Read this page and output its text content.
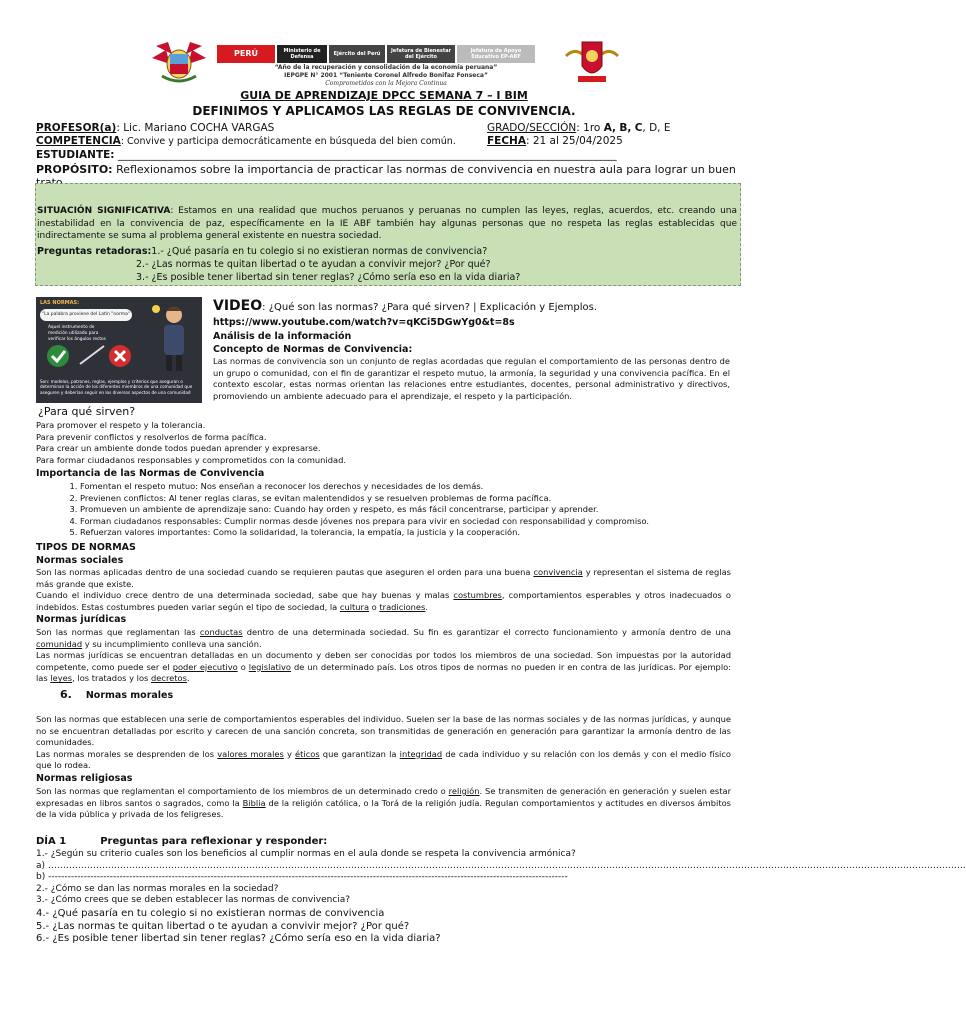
PERÚ	Ministerio de Defensa	Ejército del Perú	Jefatura de Bienestar del Ejército
Jefatura de Apoyo Educativo EP-ABF
“Año de la recuperación y consolidación de la economía peruana”
IEPGPE N° 2001 “Teniente Coronel Alfredo Bonifaz Fonseca”
Comprometidos con la Mejora Continua
GUIA DE APRENDIZAJE DPCC SEMANA 7 – I BIM
DEFINIMOS Y APLICAMOS LAS REGLAS DE CONVIVENCIA.
PROFESOR(a): Lic. Mariano COCHA VARGAS	GRADO/SECCIÓN: 1ro A, B, C, D, E
COMPETENCIA: Convive y participa democráticamente en búsqueda del bien común.	FECHA: 21 al 25/04/2025
ESTUDIANTE: _______________________________________________________________________________________________
PROPÓSITO: Reflexionamos sobre la importancia de practicar las normas de convivencia en nuestra aula para lograr un buen
SITUACIÓN SIGNIFICATIVA: Estamos en una realidad que muchos peruanos y peruanas no cumplen las leyes, reglas, acuerdos, etc. creando una inestabilidad en la convivencia de paz, específicamente en la IE ABF también hay algunas personas que no respeta las reglas establecidas que indirectamente se suma al problema general existente en nuestra sociedad.
Preguntas retadoras:1.- ¿Qué pasaría en tu colegio si no existieran normas de convivencia?
2.- ¿Las normas te quitan libertad o te ayudan a convivir mejor? ¿Por qué?
3.- ¿Es posible tener libertad sin tener reglas? ¿Cómo sería eso en la vida diaria?
LAS NORMAS:
"La palabra proviene del Latín "norma"
Aquel instrumento de medición utilizado para verificar los ángulos rectos
Son: modelos, patrones, reglas, ejemplos y criterios que aseguran o determinan la acción de los diferentes miembros de una comunidad que aseguren y deberían seguir en los diversos aspectos de una comunidad
VIDEO: ¿Qué son las normas? ¿Para qué sirven? | Explicación y Ejemplos.
https://www.youtube.com/watch?v=qKCi5DGwYg0&t=8s
Análisis de la información
Concepto de Normas de Convivencia:
Las normas de convivencia son un conjunto de reglas acordadas que regulan el comportamiento de las personas dentro de un grupo o comunidad, con el fin de garantizar el respeto mutuo, la armonía, la seguridad y una convivencia pacífica. En el contexto escolar, estas normas orientan las relaciones entre estudiantes, docentes, personal administrativo y directivos, promoviendo un ambiente adecuado para el aprendizaje, el respeto y la participación.
¿Para qué sirven?
Para promover el respeto y la tolerancia.
Para prevenir conflictos y resolverlos de forma pacífica.
Para crear un ambiente donde todos puedan aprender y expresarse.
Para formar ciudadanos responsables y comprometidos con la comunidad.
Importancia de las Normas de Convivencia
1. Fomentan el respeto mutuo: Nos enseñan a reconocer los derechos y necesidades de los demás.
2. Previenen conflictos: Al tener reglas claras, se evitan malentendidos y se resuelven problemas de forma pacífica.
3. Promueven un ambiente de aprendizaje sano: Cuando hay orden y respeto, es más fácil concentrarse, participar y aprender.
4. Forman ciudadanos responsables: Cumplir normas desde jóvenes nos prepara para vivir en sociedad con responsabilidad y compromiso.
5. Refuerzan valores importantes: Como la solidaridad, la tolerancia, la empatía, la justicia y la cooperación.
TIPOS DE NORMAS
Normas sociales
Son las normas aplicadas dentro de una sociedad cuando se requieren pautas que aseguren el orden para una buena convivencia y representan el sistema de reglas más grande que existe.
Cuando el individuo crece dentro de una determinada sociedad, sabe que hay buenas y malas costumbres, comportamientos esperables y otros inadecuados o indebidos. Estas costumbres pueden variar según el tipo de sociedad, la cultura o tradiciones.
Normas jurídicas
Son las normas que reglamentan las conductas dentro de una determinada sociedad. Su fin es garantizar el correcto funcionamiento y armonía dentro de una comunidad y su incumplimiento conlleva una sanción.
Las normas jurídicas se encuentran detalladas en un documento y deben ser conocidas por todos los miembros de una sociedad. Son impuestas por la autoridad competente, como puede ser el poder ejecutivo o legislativo de un determinado país. Los otros tipos de normas no pueden ir en contra de las jurídicas. Por ejemplo: las leyes, los tratados y los decretos.
6. Normas morales
Son las normas que establecen una serie de comportamientos esperables del individuo. Suelen ser la base de las normas sociales y de las normas jurídicas, y aunque no se encuentran detalladas por escrito y carecen de una sanción concreta, son transmitidas de generación en generación para garantizar la armonía dentro de las comunidades.
Las normas morales se desprenden de los valores morales y éticos que garantizan la integridad de cada individuo y su relación con los demás y con el medio físico que lo rodea.
Normas religiosas
Son las normas que reglamentan el comportamiento de los miembros de un determinado credo o religión. Se transmiten de generación en generación y suelen estar expresadas en libros santos o sagrados, como la Biblia de la religión católica, o la Torá de la religión judía. Regulan comportamientos y actitudes en diversos ámbitos de la vida pública y privada de los feligreses.
DÍA 1	Preguntas para reflexionar y responder:
1.- ¿Según su criterio cuales son los beneficios al cumplir normas en el aula donde se respeta la convivencia armónica?
a) ………………………………………………………………………………………………………………………………………………………………………………………………………………………………………………………………………………
b) ----------------------------------------------------------------------------------------------------------------------------------------------------------------
2.- ¿Cómo se dan las normas morales en la sociedad?
3.- ¿Cómo crees que se deben establecer las normas de convivencia?
4.- ¿Qué pasaría en tu colegio si no existieran normas de convivencia
5.- ¿Las normas te quitan libertad o te ayudan a convivir mejor? ¿Por qué?
6.- ¿Es posible tener libertad sin tener reglas? ¿Cómo sería eso en la vida diaria?
